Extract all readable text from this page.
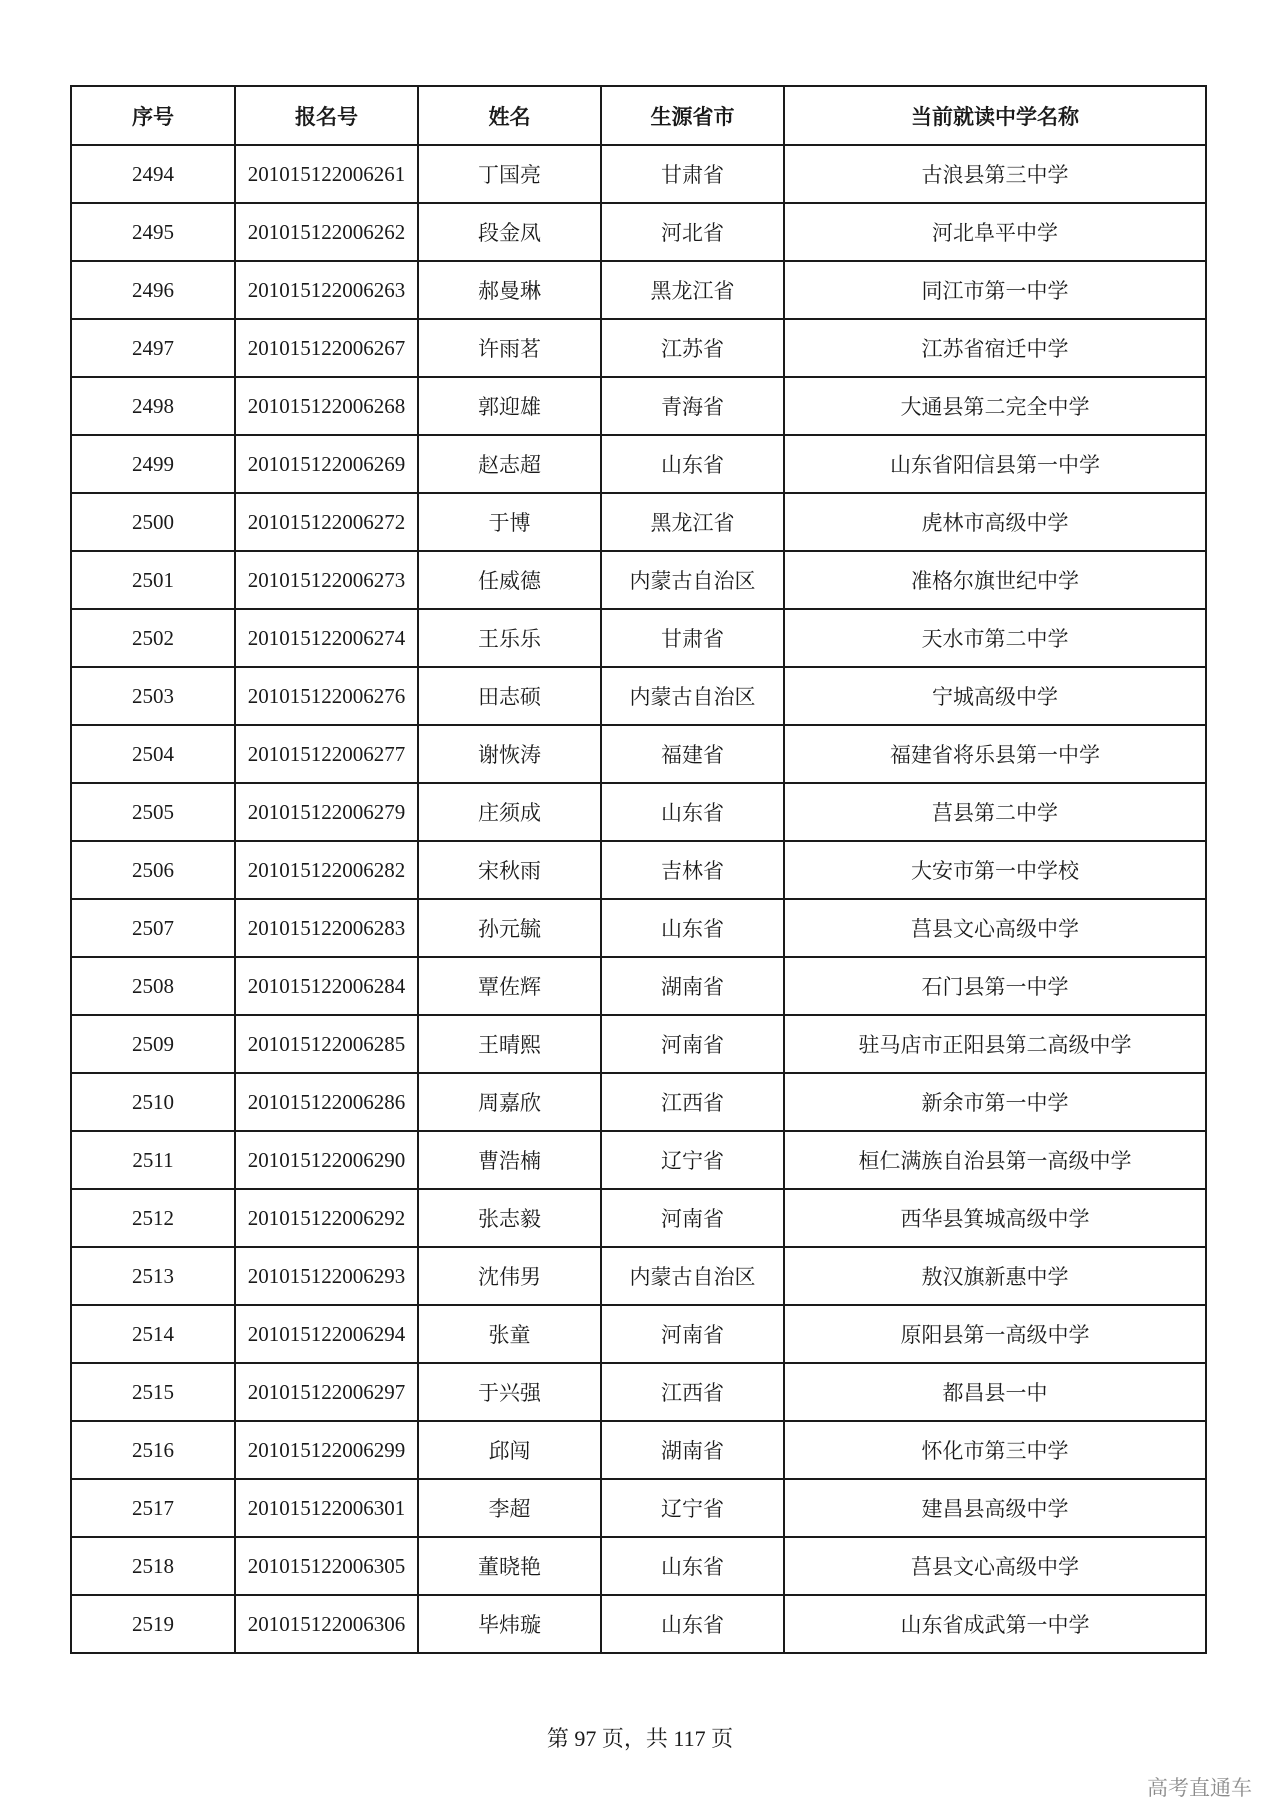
序号	报名号	姓名	生源省市	当前就读中学名称
2494	201015122006261	丁国亮	甘肃省	古浪县第三中学
2495	201015122006262	段金凤	河北省	河北阜平中学
2496	201015122006263	郝曼琳	黑龙江省	同江市第一中学
2497	201015122006267	许雨茗	江苏省	江苏省宿迁中学
2498	201015122006268	郭迎雄	青海省	大通县第二完全中学
2499	201015122006269	赵志超	山东省	山东省阳信县第一中学
2500	201015122006272	于博	黑龙江省	虎林市高级中学
2501	201015122006273	任威德	内蒙古自治区	准格尔旗世纪中学
2502	201015122006274	王乐乐	甘肃省	天水市第二中学
2503	201015122006276	田志硕	内蒙古自治区	宁城高级中学
2504	201015122006277	谢恢涛	福建省	福建省将乐县第一中学
2505	201015122006279	庄须成	山东省	莒县第二中学
2506	201015122006282	宋秋雨	吉林省	大安市第一中学校
2507	201015122006283	孙元毓	山东省	莒县文心高级中学
2508	201015122006284	覃佐辉	湖南省	石门县第一中学
2509	201015122006285	王晴熙	河南省	驻马店市正阳县第二高级中学
2510	201015122006286	周嘉欣	江西省	新余市第一中学
2511	201015122006290	曹浩楠	辽宁省	桓仁满族自治县第一高级中学
2512	201015122006292	张志毅	河南省	西华县箕城高级中学
2513	201015122006293	沈伟男	内蒙古自治区	敖汉旗新惠中学
2514	201015122006294	张童	河南省	原阳县第一高级中学
2515	201015122006297	于兴强	江西省	都昌县一中
2516	201015122006299	邱闯	湖南省	怀化市第三中学
2517	201015122006301	李超	辽宁省	建昌县高级中学
2518	201015122006305	董晓艳	山东省	莒县文心高级中学
2519	201015122006306	毕炜璇	山东省	山东省成武第一中学
第 97 页，共 117 页
高考直通车
